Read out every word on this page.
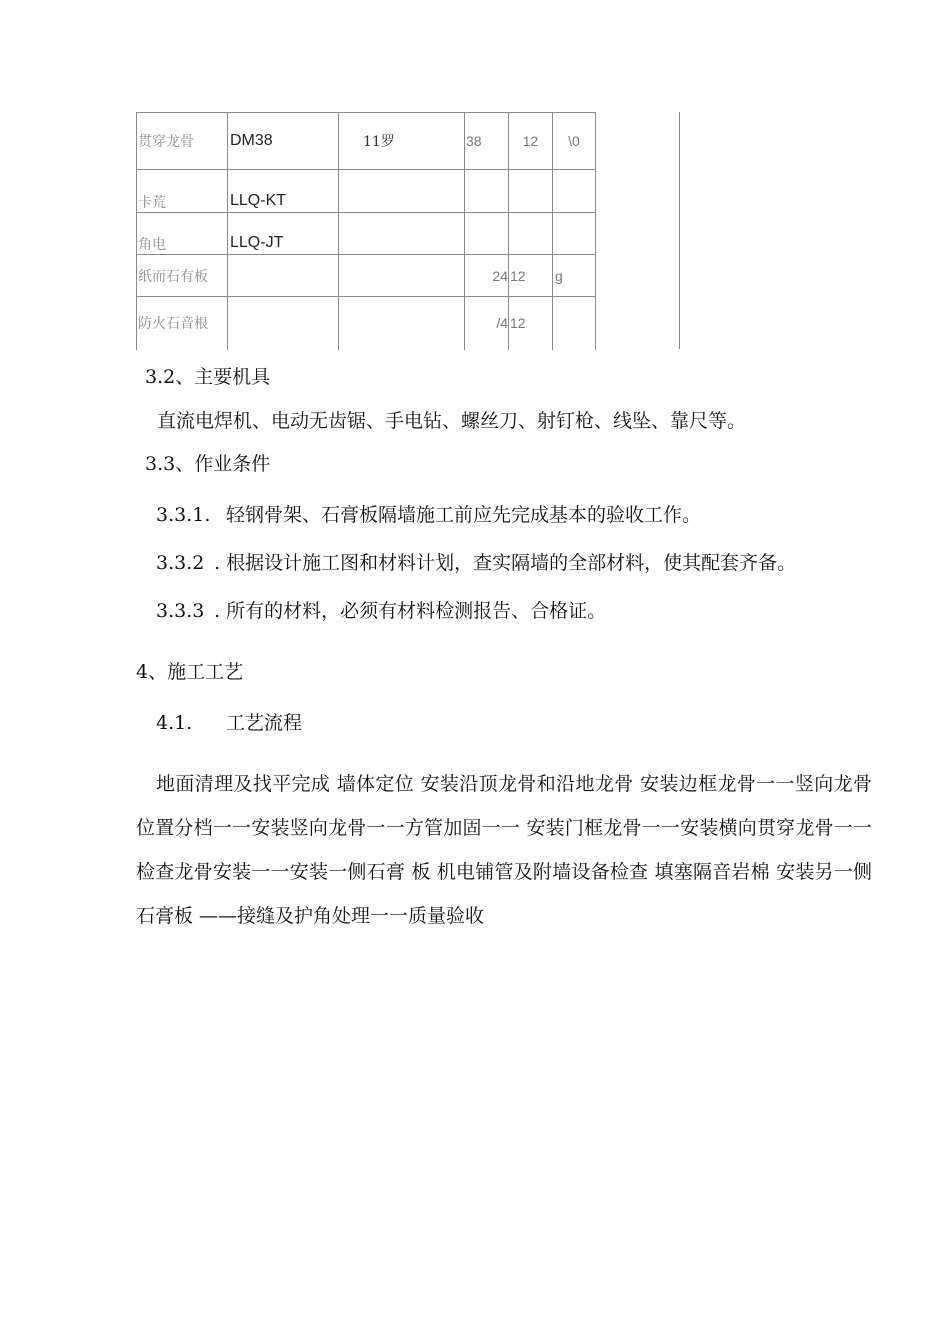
贯穿龙骨	DM38	11罗	38	12	\0
卡荒	LLQ-KT				
角电	LLQ-JT				
纸而石有板			24	12	g
防火石音根			/4	12	
3.2、主要机具
直流电焊机、电动无齿锯、手电钻、螺丝刀、射钉枪、线坠、靠尺等。
3.3、作业条件
3.3.1. 轻钢骨架、石膏板隔墙施工前应先完成基本的验收工作。
3.3.2 . 根据设计施工图和材料计划，查实隔墙的全部材料，使其配套齐备。
3.3.3 . 所有的材料，必须有材料检测报告、合格证。
4、施工工艺
4.1. 工艺流程
地面清理及找平完成 墙体定位 安装沿顶龙骨和沿地龙骨 安装边框龙骨一一竖向龙骨位置分档一一安装竖向龙骨一一方管加固一一 安装门框龙骨一一安装横向贯穿龙骨一一检查龙骨安装一一安装一侧石膏 板 机电铺管及附墙设备检查 填塞隔音岩棉 安装另一侧石膏板 ——接缝及护角处理一一质量验收
